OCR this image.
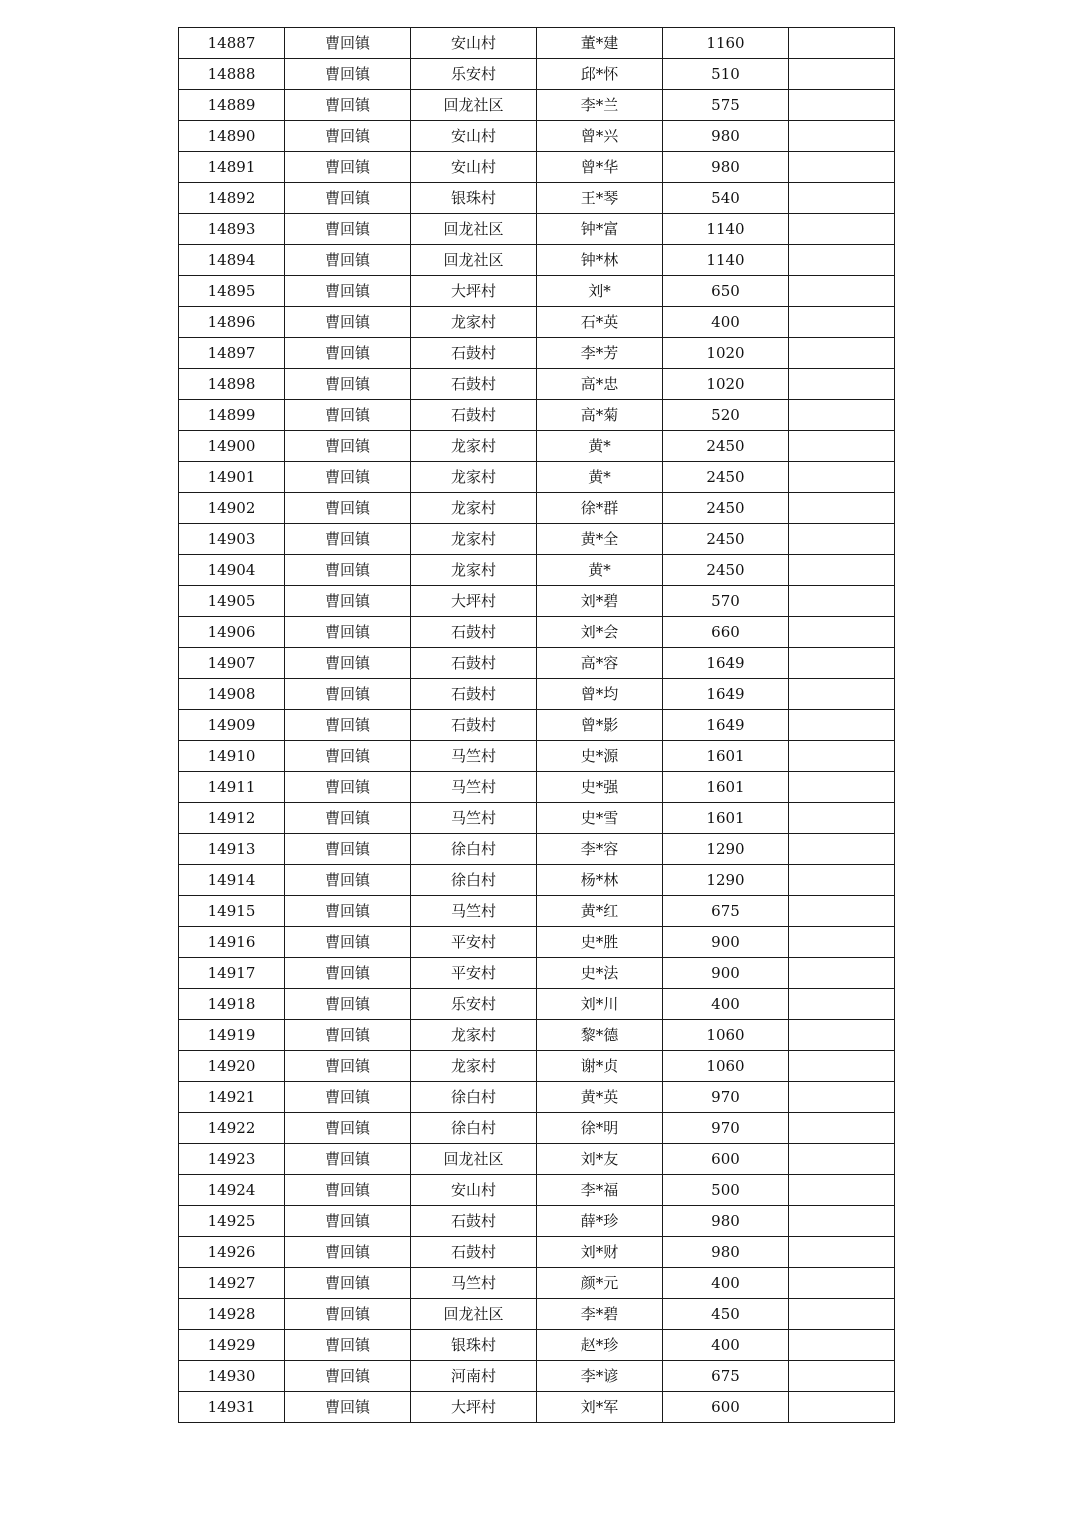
14887	曹回镇	安山村	董*建	1160	
14888	曹回镇	乐安村	邱*怀	510	
14889	曹回镇	回龙社区	李*兰	575	
14890	曹回镇	安山村	曾*兴	980	
14891	曹回镇	安山村	曾*华	980	
14892	曹回镇	银珠村	王*琴	540	
14893	曹回镇	回龙社区	钟*富	1140	
14894	曹回镇	回龙社区	钟*林	1140	
14895	曹回镇	大坪村	刘*	650	
14896	曹回镇	龙家村	石*英	400	
14897	曹回镇	石鼓村	李*芳	1020	
14898	曹回镇	石鼓村	高*忠	1020	
14899	曹回镇	石鼓村	高*菊	520	
14900	曹回镇	龙家村	黄*	2450	
14901	曹回镇	龙家村	黄*	2450	
14902	曹回镇	龙家村	徐*群	2450	
14903	曹回镇	龙家村	黄*全	2450	
14904	曹回镇	龙家村	黄*	2450	
14905	曹回镇	大坪村	刘*碧	570	
14906	曹回镇	石鼓村	刘*会	660	
14907	曹回镇	石鼓村	高*容	1649	
14908	曹回镇	石鼓村	曾*均	1649	
14909	曹回镇	石鼓村	曾*影	1649	
14910	曹回镇	马竺村	史*源	1601	
14911	曹回镇	马竺村	史*强	1601	
14912	曹回镇	马竺村	史*雪	1601	
14913	曹回镇	徐白村	李*容	1290	
14914	曹回镇	徐白村	杨*林	1290	
14915	曹回镇	马竺村	黄*红	675	
14916	曹回镇	平安村	史*胜	900	
14917	曹回镇	平安村	史*法	900	
14918	曹回镇	乐安村	刘*川	400	
14919	曹回镇	龙家村	黎*德	1060	
14920	曹回镇	龙家村	谢*贞	1060	
14921	曹回镇	徐白村	黄*英	970	
14922	曹回镇	徐白村	徐*明	970	
14923	曹回镇	回龙社区	刘*友	600	
14924	曹回镇	安山村	李*福	500	
14925	曹回镇	石鼓村	薛*珍	980	
14926	曹回镇	石鼓村	刘*财	980	
14927	曹回镇	马竺村	颜*元	400	
14928	曹回镇	回龙社区	李*碧	450	
14929	曹回镇	银珠村	赵*珍	400	
14930	曹回镇	河南村	李*谚	675	
14931	曹回镇	大坪村	刘*军	600	
